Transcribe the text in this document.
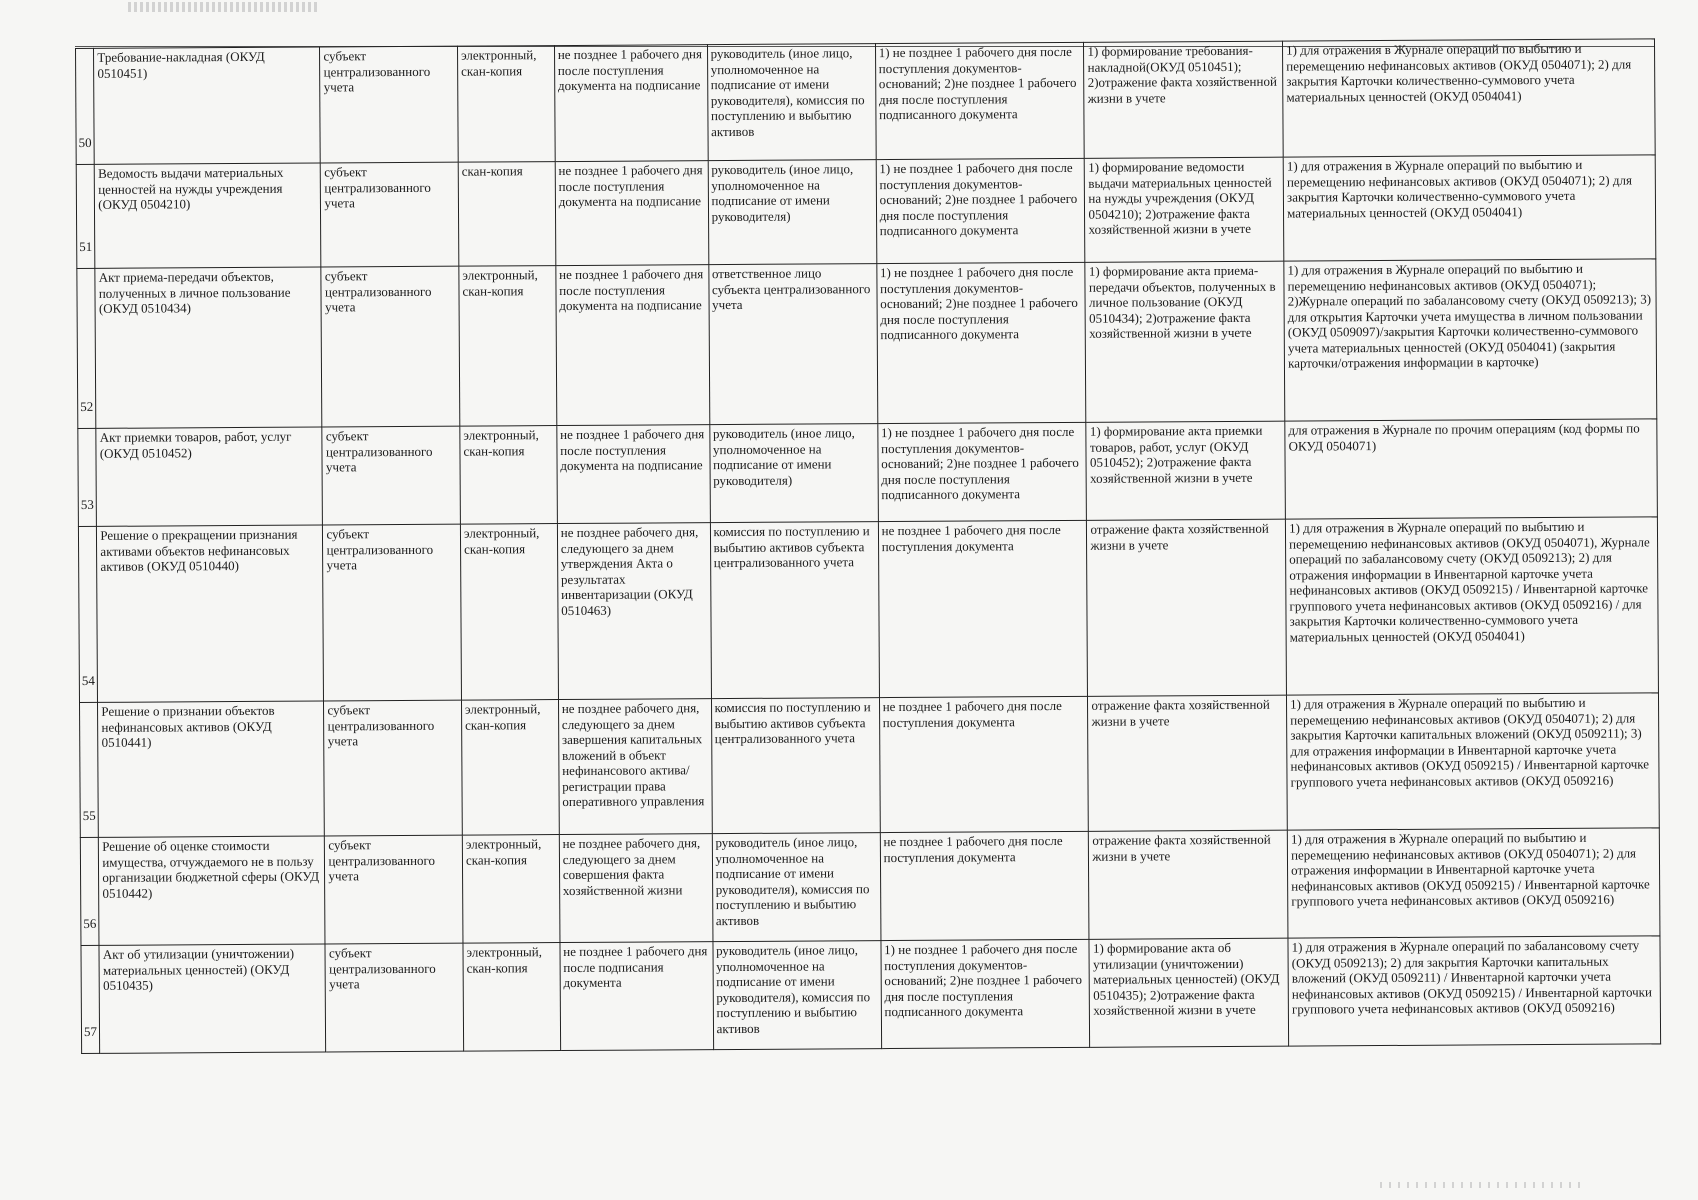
50	Требование-накладная (ОКУД 0510451)	субъект централизованного учета	электронный, скан-копия	не позднее 1 рабочего дня после поступления документа на подписание	руководитель (иное лицо, уполномоченное на подписание от имени руководителя), комиссия по поступлению и выбытию активов	1) не позднее 1 рабочего дня после поступления документов-оснований; 2)не позднее 1 рабочего дня после поступления подписанного документа	1) формирование требования-накладной(ОКУД 0510451); 2)отражение факта хозяйственной жизни в учете	1) для отражения в Журнале операций по выбытию и перемещению нефинансовых активов (ОКУД 0504071); 2) для закрытия Карточки количественно-суммового учета материальных ценностей (ОКУД 0504041)
51	Ведомость выдачи материальных ценностей на нужды учреждения (ОКУД 0504210)	субъект централизованного учета	скан-копия	не позднее 1 рабочего дня после поступления документа на подписание	руководитель (иное лицо, уполномоченное на подписание от имени руководителя)	1) не позднее 1 рабочего дня после поступления документов-оснований; 2)не позднее 1 рабочего дня после поступления подписанного документа	1) формирование ведомости выдачи материальных ценностей на нужды учреждения (ОКУД 0504210); 2)отражение факта хозяйственной жизни в учете	1) для отражения в Журнале операций по выбытию и перемещению нефинансовых активов (ОКУД 0504071); 2) для закрытия Карточки количественно-суммового учета материальных ценностей (ОКУД 0504041)
52	Акт приема-передачи объектов, полученных в личное пользование (ОКУД 0510434)	субъект централизованного учета	электронный, скан-копия	не позднее 1 рабочего дня после поступления документа на подписание	ответственное лицо субъекта централизованного учета	1) не позднее 1 рабочего дня после поступления документов-оснований; 2)не позднее 1 рабочего дня после поступления подписанного документа	1) формирование акта приема-передачи объектов, полученных в личное пользование (ОКУД 0510434); 2)отражение факта хозяйственной жизни в учете	1) для отражения в Журнале операций по выбытию и перемещению нефинансовых активов (ОКУД 0504071); 2)Журнале операций по забалансовому счету (ОКУД 0509213); 3) для открытия Карточки учета имущества в личном пользовании (ОКУД 0509097)/закрытия Карточки количественно-суммового учета материальных ценностей (ОКУД 0504041) (закрытия карточки/отражения информации в карточке)
53	Акт приемки товаров, работ, услуг (ОКУД 0510452)	субъект централизованного учета	электронный, скан-копия	не позднее 1 рабочего дня после поступления документа на подписание	руководитель (иное лицо, уполномоченное на подписание от имени руководителя)	1) не позднее 1 рабочего дня после поступления документов-оснований; 2)не позднее 1 рабочего дня после поступления подписанного документа	1) формирование акта приемки товаров, работ, услуг (ОКУД 0510452); 2)отражение факта хозяйственной жизни в учете	для отражения в Журнале по прочим операциям (код формы по ОКУД 0504071)
54	Решение о прекращении признания активами объектов нефинансовых активов (ОКУД 0510440)	субъект централизованного учета	электронный, скан-копия	не позднее рабочего дня, следующего за днем утверждения Акта о результатах инвентаризации (ОКУД 0510463)	комиссия по поступлению и выбытию активов субъекта централизованного учета	не позднее 1 рабочего дня после поступления документа	отражение факта хозяйственной жизни в учете	1) для отражения в Журнале операций по выбытию и перемещению нефинансовых активов (ОКУД 0504071), Журнале операций по забалансовому счету (ОКУД 0509213); 2) для отражения информации в Инвентарной карточке учета нефинансовых активов (ОКУД 0509215) / Инвентарной карточке группового учета нефинансовых активов (ОКУД 0509216) / для закрытия Карточки количественно-суммового учета материальных ценностей (ОКУД 0504041)
55	Решение о признании объектов нефинансовых активов (ОКУД 0510441)	субъект централизованного учета	электронный, скан-копия	не позднее рабочего дня, следующего за днем завершения капитальных вложений в объект нефинансового актива/регистрации права оперативного управления	комиссия по поступлению и выбытию активов субъекта централизованного учета	не позднее 1 рабочего дня после поступления документа	отражение факта хозяйственной жизни в учете	1) для отражения в Журнале операций по выбытию и перемещению нефинансовых активов (ОКУД 0504071); 2) для закрытия Карточки капитальных вложений (ОКУД 0509211); 3) для отражения информации в Инвентарной карточке учета нефинансовых активов (ОКУД 0509215) / Инвентарной карточке группового учета нефинансовых активов (ОКУД 0509216)
56	Решение об оценке стоимости имущества, отчуждаемого не в пользу организации бюджетной сферы (ОКУД 0510442)	субъект централизованного учета	электронный, скан-копия	не позднее рабочего дня, следующего за днем совершения факта хозяйственной жизни	руководитель (иное лицо, уполномоченное на подписание от имени руководителя), комиссия по поступлению и выбытию активов	не позднее 1 рабочего дня после поступления документа	отражение факта хозяйственной жизни в учете	1) для отражения в Журнале операций по выбытию и перемещению нефинансовых активов (ОКУД 0504071); 2) для отражения информации в Инвентарной карточке учета нефинансовых активов (ОКУД 0509215) / Инвентарной карточке группового учета нефинансовых активов (ОКУД 0509216)
57	Акт об утилизации (уничтожении) материальных ценностей) (ОКУД 0510435)	субъект централизованного учета	электронный, скан-копия	не позднее 1 рабочего дня после подписания документа	руководитель (иное лицо, уполномоченное на подписание от имени руководителя), комиссия по поступлению и выбытию активов	1) не позднее 1 рабочего дня после поступления документов-оснований; 2)не позднее 1 рабочего дня после поступления подписанного документа	1) формирование акта об утилизации (уничтожении) материальных ценностей) (ОКУД 0510435); 2)отражение факта хозяйственной жизни в учете	1) для отражения в Журнале операций по забалансовому счету (ОКУД 0509213); 2) для закрытия Карточки капитальных вложений (ОКУД 0509211) / Инвентарной карточки учета нефинансовых активов (ОКУД 0509215) / Инвентарной карточки группового учета нефинансовых активов (ОКУД 0509216)
